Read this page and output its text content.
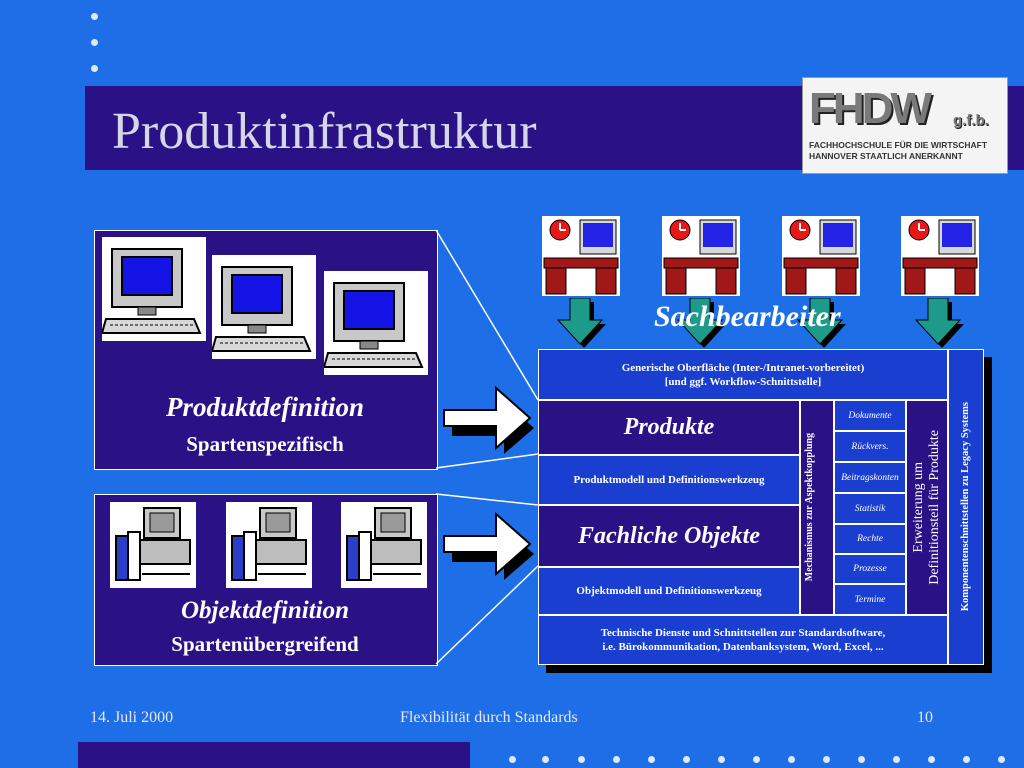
Produktinfrastruktur	FHDW g.f.b.
FACHHOCHSCHULE FÜR DIE WIRTSCHAFT
HANNOVER STAATLICH ANERKANNT
Produktdefinition
Spartenspezifisch
Objektdefinition
Spartenübergreifend
Sachbearbeiter
Generische Oberfläche (Inter-/Intranet-vorbereitet)
[und ggf. Workflow-Schnittstelle]
Produkte
Produktmodell und Definitionswerkzeug
Fachliche Objekte
Objektmodell und Definitionswerkzeug
Technische Dienste und Schnittstellen zur Standardsoftware,
i.e. Bürokommunikation, Datenbanksystem, Word, Excel, ...
Mechanismus zur Aspektkopplung
Dokumente
Rückvers.
Beitragskonten
Statistik
Rechte
Prozesse
Termine
Erweiterung um Definitionsteil für Produkte Komponentenschnittstellen zu Legacy Systems
14. Juli 2000	Flexibilität durch Standards	10
